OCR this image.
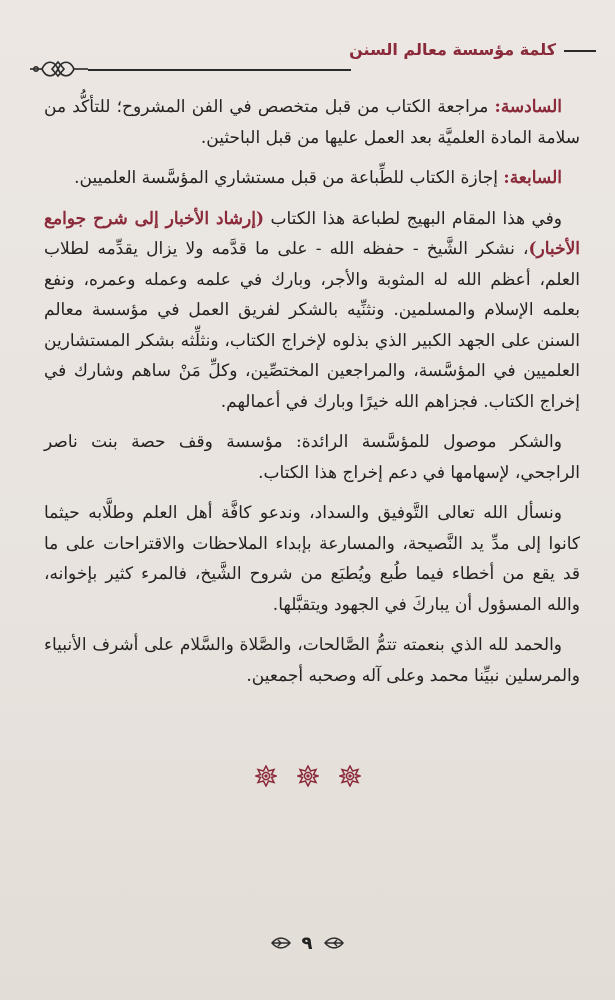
كلمة مؤسسة معالم السنن

السادسة: مراجعة الكتاب من قبل متخصص في الفن المشروح؛ للتأكُّد من سلامة المادة العلميَّة بعد العمل عليها من قبل الباحثين.

السابعة: إجازة الكتاب للطِّباعة من قبل مستشاري المؤسَّسة العلميين.

وفي هذا المقام البهيج لطباعة هذا الكتاب (إرشاد الأخبار إلى شرح جوامع الأخبار)، نشكر الشَّيخ - حفظه الله - على ما قدَّمه ولا يزال يقدِّمه لطلاب العلم، أعظم الله له المثوبة والأجر، وبارك في علمه وعمله وعمره، ونفع بعلمه الإسلام والمسلمين. ونثنِّيه بالشكر لفريق العمل في مؤسسة معالم السنن على الجهد الكبير الذي بذلوه لإخراج الكتاب، ونثلِّثه بشكر المستشارين العلميين في المؤسَّسة، والمراجعين المختصِّين، وكلِّ مَنْ ساهم وشارك في إخراج الكتاب. فجزاهم الله خيرًا وبارك في أعمالهم.

والشكر موصول للمؤسَّسة الرائدة: مؤسسة وقف حصة بنت ناصر الراجحي، لإسهامها في دعم إخراج هذا الكتاب.

ونسأل الله تعالى التَّوفيق والسداد، وندعو كافَّة أهل العلم وطلَّابه حيثما كانوا إلى مدِّ يد النَّصيحة، والمسارعة بإبداء الملاحظات والاقتراحات على ما قد يقع من أخطاء فيما طُبع ويُطبَع من شروح الشَّيخ، فالمرء كثير بإخوانه، والله المسؤول أن يباركَ في الجهود ويتقبَّلها.

والحمد لله الذي بنعمته تتمُّ الصَّالحات، والصَّلاة والسَّلام على أشرف الأنبياء والمرسلين نبيِّنا محمد وعلى آله وصحبه أجمعين.

٩
